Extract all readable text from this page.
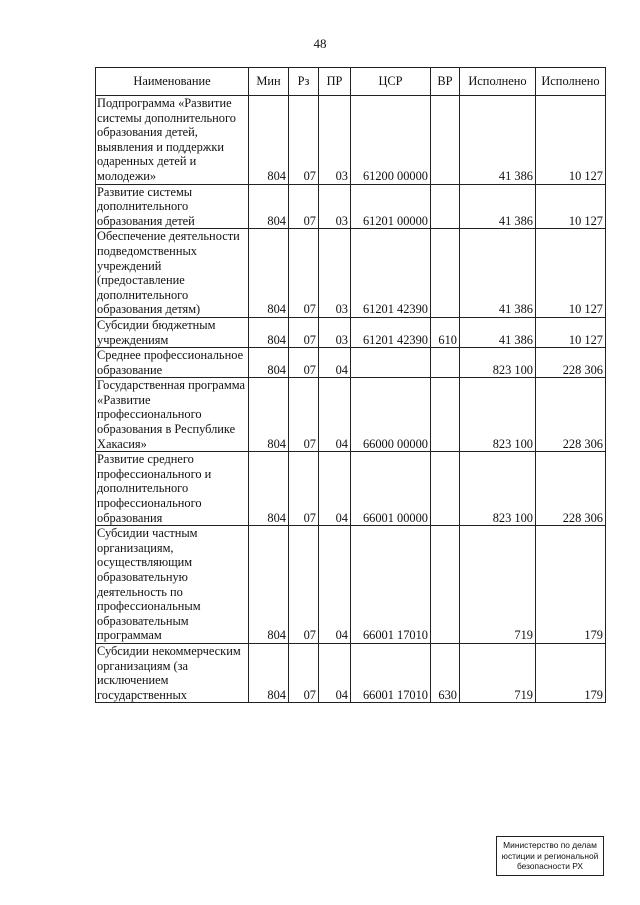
48
Наименование	Мин	Рз	ПР	ЦСР	ВР	Исполнено	Исполнено
Подпрограмма «Развитие системы дополнительного образования детей, выявления и поддержки одаренных детей и молодежи»	804	07	03	61200 00000		41 386	10 127
Развитие системы дополнительного образования детей	804	07	03	61201 00000		41 386	10 127
Обеспечение деятельности подведомственных учреждений (предоставление дополнительного образования детям)	804	07	03	61201 42390		41 386	10 127
Субсидии бюджетным учреждениям	804	07	03	61201 42390	610	41 386	10 127
Среднее профессиональное образование	804	07	04			823 100	228 306
Государственная программа «Развитие профессионального образования в Республике Хакасия»	804	07	04	66000 00000		823 100	228 306
Развитие среднего профессионального и дополнительного профессионального образования	804	07	04	66001 00000		823 100	228 306
Субсидии частным организациям, осуществляющим образовательную деятельность по профессиональным образовательным программам	804	07	04	66001 17010		719	179
Субсидии некоммерческим организациям (за исключением государственных	804	07	04	66001 17010	630	719	179
Министерство по делам
юстиции и региональной
безопасности РХ
